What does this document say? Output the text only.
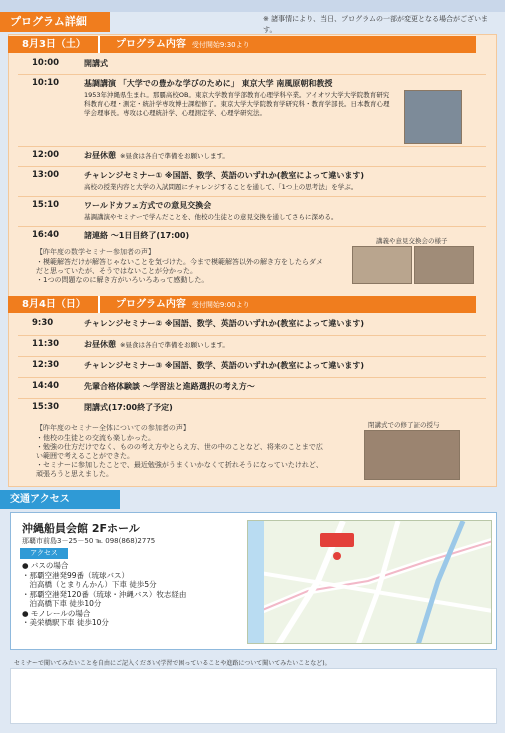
プログラム詳細	※ 諸事情により、当日、プログラムの一部が変更となる場合がございます。
8月3日（土）	プログラム内容 受付開始9:30より
10:00	開講式
10:10	基調講演 「大学での豊かな学びのために」 東京大学 南風原朝和教授
1953年沖縄県生まれ。那覇高校OB。東京大学教育学部教育心理学科卒業。アイオワ大学大学院教育研究科教育心理・測定・統計学専攻博士課程修了。東京大学大学院教育学研究科・教育学部長。日本教育心理学会理事長。専攻は心理統計学、心理測定学、心理学研究法。
12:00	お昼休憩 ※昼食は各自で準備をお願いします。
13:00	チャレンジセミナー① ※国語、数学、英語のいずれか(教室によって違います)
高校の授業内容と大学の入試問題にチャレンジすることを通して、「1つ上の思考法」を学ぶ。
15:10	ワールドカフェ方式での意見交換会
基調講演やセミナーで学んだことを、他校の生徒との意見交換を通してさらに深める。
16:40	諸連絡 ～1日目終了(17:00)
【昨年度の数学セミナー参加者の声】
・模範解答だけが解答じゃないことを気づけた。今まで模範解答以外の解き方をしたらダメだと思っていたが、そうではないことが分かった。
・1つの問題なのに解き方がいろいろあって感動した。
講義や意見交換会の様子
8月4日（日）	プログラム内容 受付開始9:00より
9:30	チャレンジセミナー② ※国語、数学、英語のいずれか(教室によって違います)
11:30	お昼休憩 ※昼食は各自で準備をお願いします。
12:30	チャレンジセミナー③ ※国語、数学、英語のいずれか(教室によって違います)
14:40	先輩合格体験談 ～学習法と進路選択の考え方～
15:30	閉講式(17:00終了予定)
【昨年度のセミナー全体についての参加者の声】
・他校の生徒との交流も楽しかった。
・勉強の仕方だけでなく、ものの考え方やとらえ方、世の中のことなど、将来のことまで広い範囲で考えることができた。
・セミナーに参加したことで、最近勉強がうまくいかなくて折れそうになっていたけれど、頑張ろうと思えました。
閉講式での修了証の授与
交通アクセス
沖縄船員会館 2Fホール
那覇市前島3－25－50 ℡ 098(868)2775
アクセス
● バスの場合
・那覇空港発99番（琉球バス）
　泊高橋（とまりんかん）下車 徒歩5分
・那覇空港発120番（琉球・沖縄バス）牧志経由
　泊高橋下車 徒歩10分
● モノレールの場合
・美栄橋駅下車 徒歩10分
セミナーで聞いてみたいことを自由にご記入ください(学習で困っていることや進路について聞いてみたいことなど)。
